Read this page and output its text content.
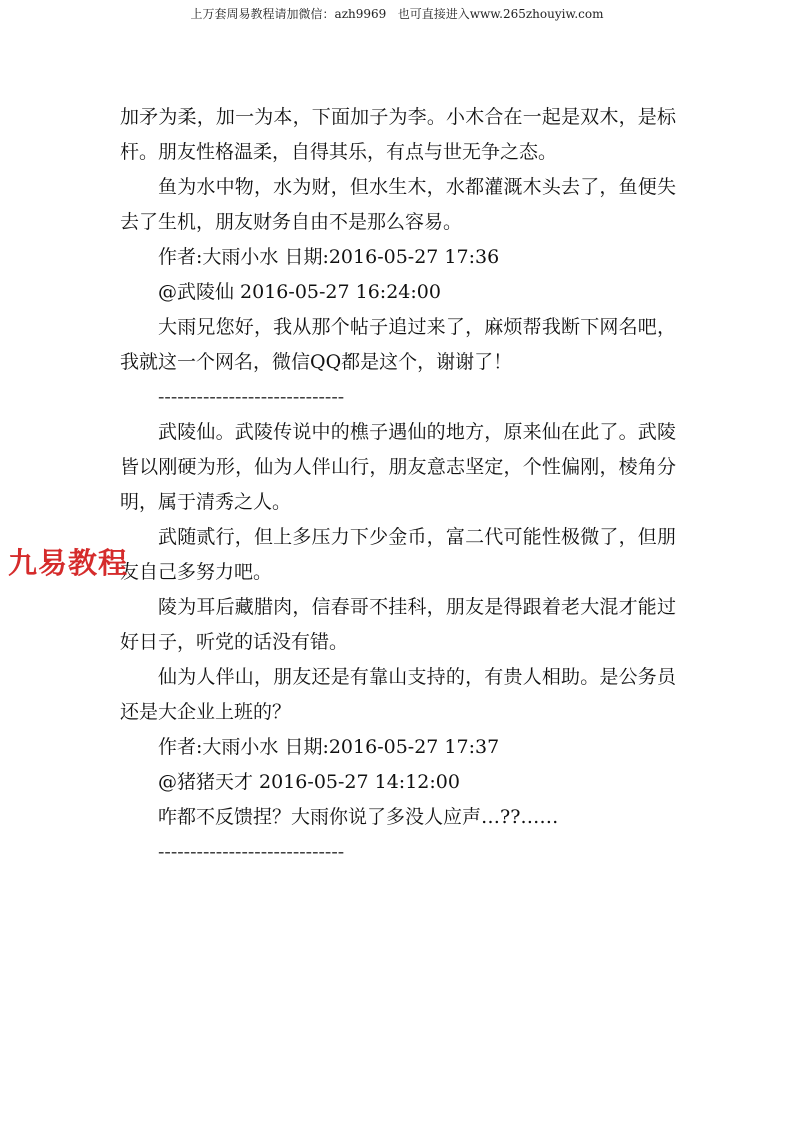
上万套周易教程请加微信：azh9969   也可直接进入www.265zhouyiw.com

加矛为柔，加一为本，下面加子为李。小木合在一起是双木，是标杆。朋友性格温柔，自得其乐，有点与世无争之态。

鱼为水中物，水为财，但水生木，水都灌溉木头去了，鱼便失去了生机，朋友财务自由不是那么容易。

作者:大雨小水 日期:2016-05-27 17:36

@武陵仙 2016-05-27 16:24:00

大雨兄您好，我从那个帖子追过来了，麻烦帮我断下网名吧，我就这一个网名，微信QQ都是这个，谢谢了！

-----------------------------

武陵仙。武陵传说中的樵子遇仙的地方，原来仙在此了。武陵皆以刚硬为形，仙为人伴山行，朋友意志坚定，个性偏刚，棱角分明，属于清秀之人。

武随贰行，但上多压力下少金币，富二代可能性极微了，但朋友自己多努力吧。

陵为耳后藏腊肉，信春哥不挂科，朋友是得跟着老大混才能过好日子，听党的话没有错。

仙为人伴山，朋友还是有靠山支持的，有贵人相助。是公务员还是大企业上班的？

作者:大雨小水 日期:2016-05-27 17:37

@猪猪天才 2016-05-27 14:12:00

咋都不反馈捏？大雨你说了多没人应声…??……

-----------------------------

九易教程
